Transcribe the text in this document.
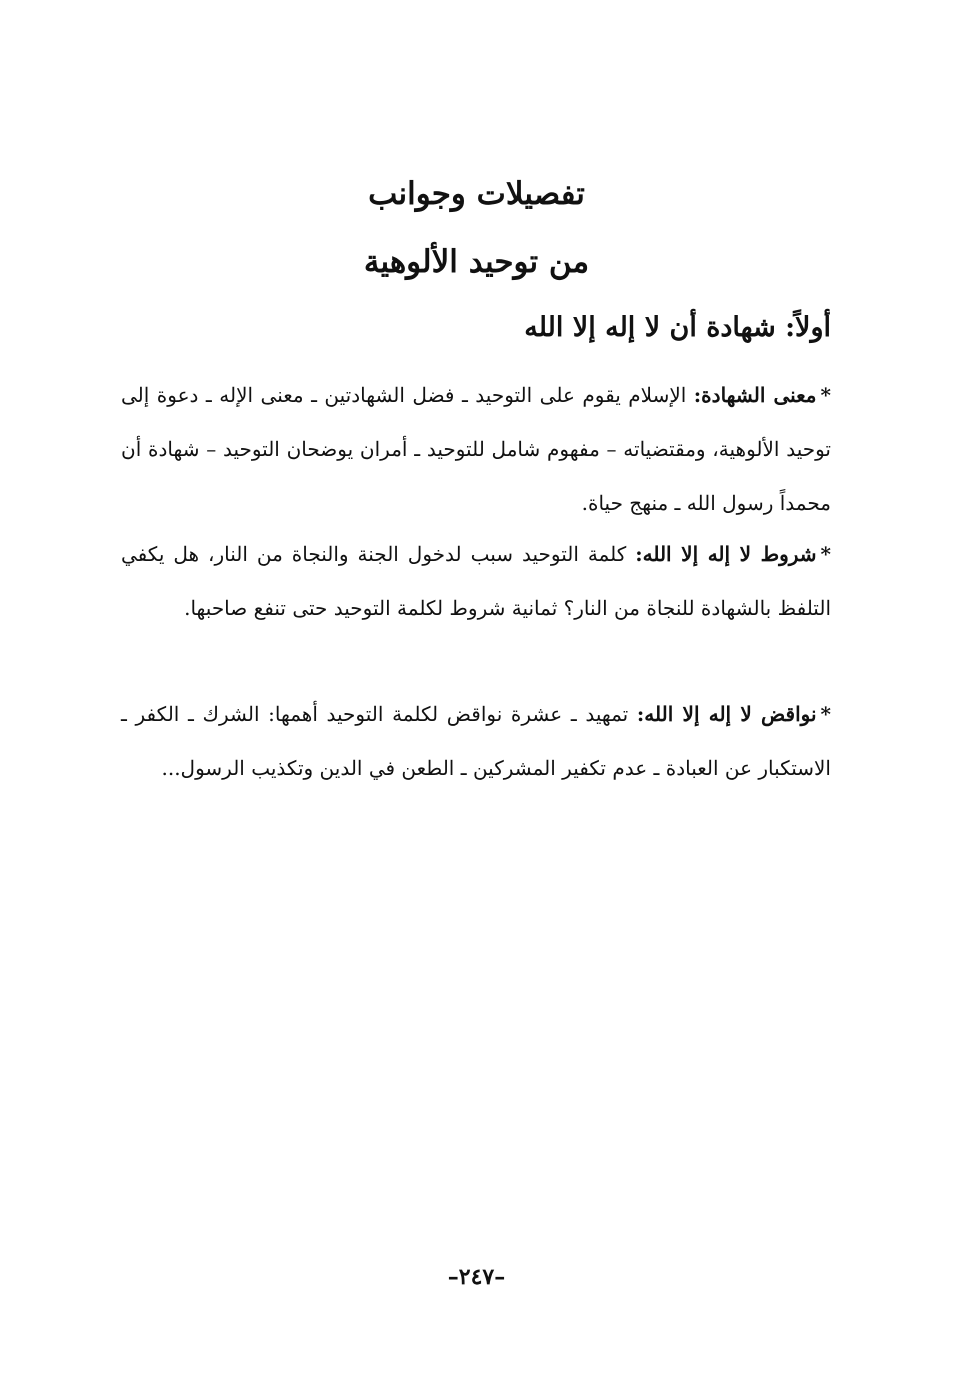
تفصيلات وجوانب
من توحيد الألوهية
أولاً: شهادة أن لا إله إلا الله
*معنى الشهادة: الإسلام يقوم على التوحيد ـ فضل الشهادتين ـ معنى الإله ـ دعوة إلى توحيد الألوهية، ومقتضياته – مفهوم شامل للتوحيد ـ أمران يوضحان التوحيد – شهادة أن محمداً رسول الله ـ منهج حياة.
*شروط لا إله إلا الله: كلمة التوحيد سبب لدخول الجنة والنجاة من النار، هل يكفي التلفظ بالشهادة للنجاة من النار؟ ثمانية شروط لكلمة التوحيد حتى تنفع صاحبها.
*نواقض لا إله إلا الله: تمهيد ـ عشرة نواقض لكلمة التوحيد أهمها: الشرك ـ الكفر ـ الاستكبار عن العبادة ـ عدم تكفير المشركين ـ الطعن في الدين وتكذيب الرسول...
–٢٤٧–
